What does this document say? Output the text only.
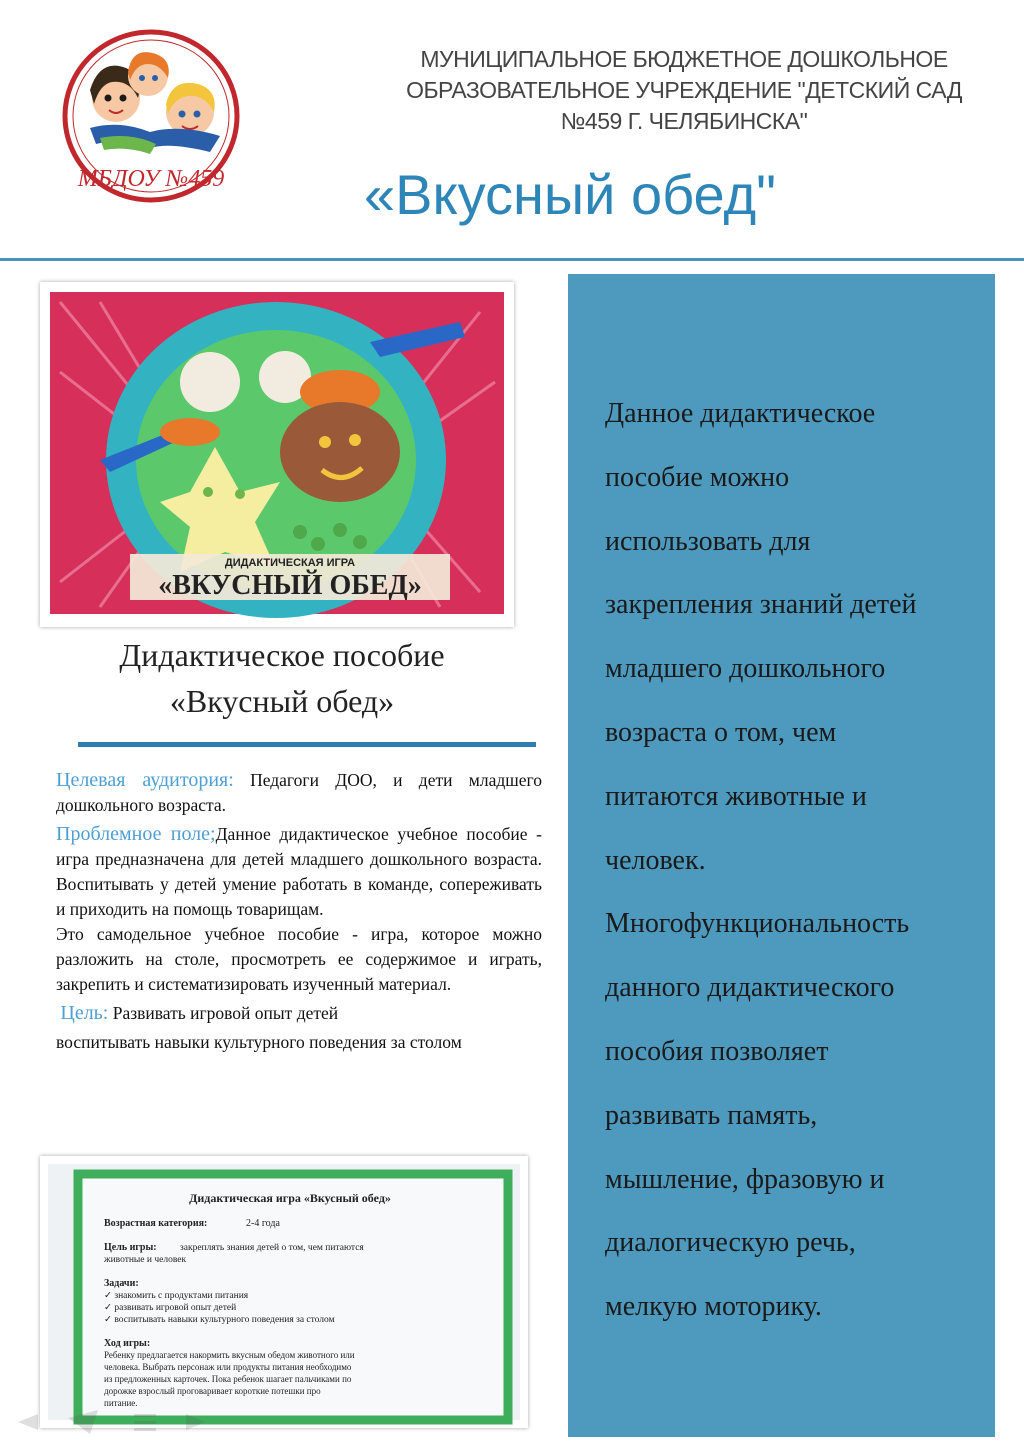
МБДОУ №459
МУНИЦИПАЛЬНОЕ БЮДЖЕТНОЕ ДОШКОЛЬНОЕ
ОБРАЗОВАТЕЛЬНОЕ УЧРЕЖДЕНИЕ "ДЕТСКИЙ САД
№459 Г. ЧЕЛЯБИНСКА"
«Вкусный обед"
ДИДАКТИЧЕСКАЯ ИГРА
«ВКУСНЫЙ ОБЕД»
Дидактическое пособие
«Вкусный обед»

Целевая аудитория: Педагоги ДОО, и дети младшего дошкольного возраста.

Проблемное поле;Данное дидактическое учебное пособие - игра предназначена для детей младшего дошкольного возраста. Воспитывать у детей умение работать в команде, сопереживать и приходить на помощь товарищам.

Это самодельное учебное пособие - игра, которое можно разложить на столе, просмотреть ее содержимое и играть, закрепить и систематизировать изученный материал.

Цель: Развивать игровой опыт детей

воспитывать навыки культурного поведения за столом

Дидактическая игра «Вкусный обед»
Возрастная категория:	2-4 года
Цель игры: закреплять знания детей о том, чем питаются
животные и человек
Задачи:
✓ знакомить с продуктами питания
✓ развивать игровой опыт детей
✓ воспитывать навыки культурного поведения за столом
Ход игры:
Ребенку предлагается накормить вкусным обедом животного или
человека. Выбрать персонаж или продукты питания необходимо
из предложенных карточек. Пока ребенок шагает пальчиками по
дорожке взрослый проговаривает короткие потешки про
питание.
Данное дидактическое
пособие можно
использовать для
закрепления знаний детей
младшего дошкольного
возраста о том, чем
питаются животные и
человек.
Многофункциональность
данного дидактического
пособия позволяет
развивать память,
мышление, фразовую и
диалогическую речь,
мелкую моторику.
